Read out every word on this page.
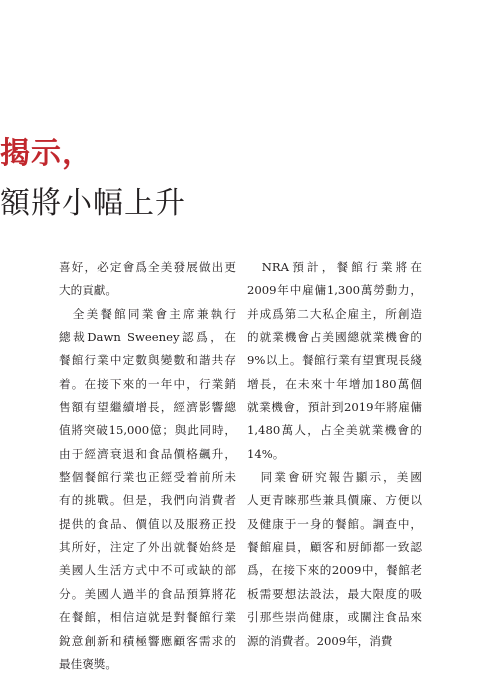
揭示，
額將小幅上升
喜好，必定會爲全美發展做出更
大的貢獻。
　全美餐館同業會主席兼執行
總裁Dawn Sweeney認爲，在
餐館行業中定數與變數和諧共存
着。在接下來的一年中，行業銷
售額有望繼續增長，經濟影響總
值將突破15,000億；與此同時，
由于經濟衰退和食品價格飆升，
整個餐館行業也正經受着前所未
有的挑戰。但是，我們向消費者
提供的食品、價值以及服務正投
其所好，注定了外出就餐始終是
美國人生活方式中不可或缺的部
分。美國人過半的食品預算將花
在餐館，相信這就是對餐館行業
銳意創新和積極響應顧客需求的
最佳褒獎。
　NRA預計，餐館行業將在
2009年中雇傭1,300萬勞動力，
并成爲第二大私企雇主，所創造
的就業機會占美國總就業機會的
9%以上。餐館行業有望實現長綫
增長，在未來十年增加180萬個
就業機會，預計到2019年將雇傭
1,480萬人，占全美就業機會的
14%。
　同業會研究報告顯示，美國
人更青睞那些兼具價廉、方便以
及健康于一身的餐館。調查中，
餐館雇員，顧客和厨師都一致認
爲，在接下來的2009中，餐館老
板需要想法設法，最大限度的吸
引那些崇尚健康，或關注食品來
源的消費者。2009年，消費
